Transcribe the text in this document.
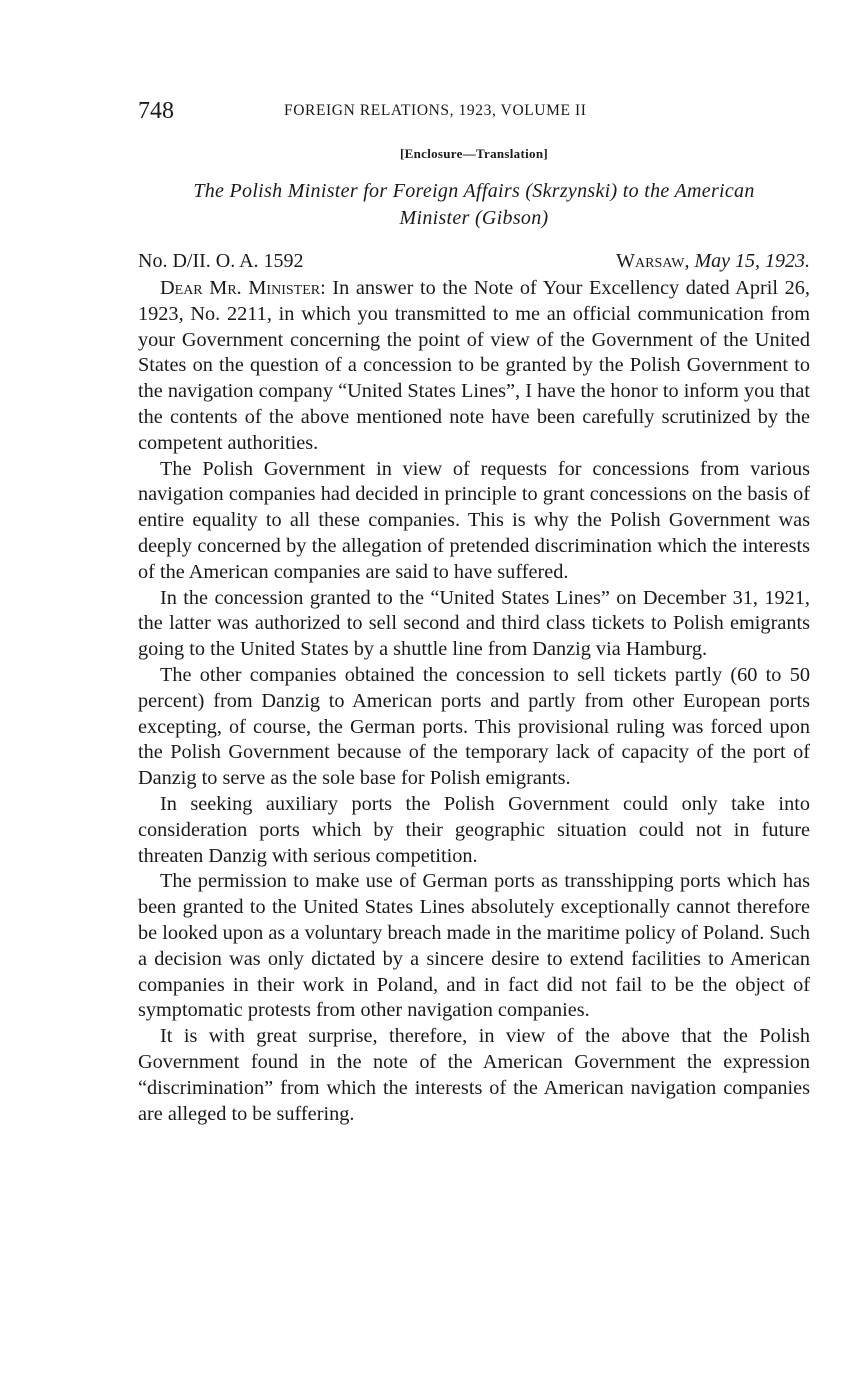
748	FOREIGN RELATIONS, 1923, VOLUME II
[Enclosure—Translation]
The Polish Minister for Foreign Affairs (Skrzynski) to the American Minister (Gibson)
No. D/II. O. A. 1592	Warsaw, May 15, 1923.

Dear Mr. Minister: In answer to the Note of Your Excellency dated April 26, 1923, No. 2211, in which you transmitted to me an official communication from your Government concerning the point of view of the Government of the United States on the question of a concession to be granted by the Polish Government to the navigation company “United States Lines”, I have the honor to inform you that the contents of the above mentioned note have been carefully scrutinized by the competent authorities.

The Polish Government in view of requests for concessions from various navigation companies had decided in principle to grant concessions on the basis of entire equality to all these companies. This is why the Polish Government was deeply concerned by the allegation of pretended discrimination which the interests of the American companies are said to have suffered.

In the concession granted to the “United States Lines” on December 31, 1921, the latter was authorized to sell second and third class tickets to Polish emigrants going to the United States by a shuttle line from Danzig via Hamburg.

The other companies obtained the concession to sell tickets partly (60 to 50 percent) from Danzig to American ports and partly from other European ports excepting, of course, the German ports. This provisional ruling was forced upon the Polish Government because of the temporary lack of capacity of the port of Danzig to serve as the sole base for Polish emigrants.

In seeking auxiliary ports the Polish Government could only take into consideration ports which by their geographic situation could not in future threaten Danzig with serious competition.

The permission to make use of German ports as transshipping ports which has been granted to the United States Lines absolutely exceptionally cannot therefore be looked upon as a voluntary breach made in the maritime policy of Poland. Such a decision was only dictated by a sincere desire to extend facilities to American companies in their work in Poland, and in fact did not fail to be the object of symptomatic protests from other navigation companies.

It is with great surprise, therefore, in view of the above that the Polish Government found in the note of the American Government the expression “discrimination” from which the interests of the American navigation companies are alleged to be suffering.
